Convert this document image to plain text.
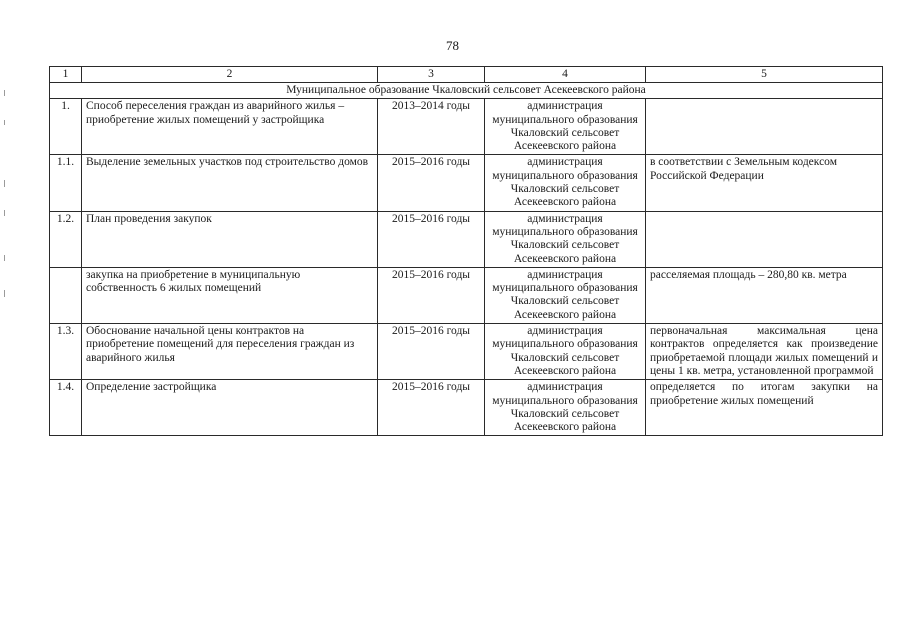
78
1	2	3	4	5
Муниципальное образование Чкаловский сельсовет Асекеевского района				
1.	Способ переселения граждан из аварийного жилья – приобретение жилых помещений у застройщика	2013–2014 годы	администрация муниципального образования Чкаловский сельсовет Асекеевского района	
1.1.	Выделение земельных участков под строительство домов	2015–2016 годы	администрация муниципального образования Чкаловский сельсовет Асекеевского района	в соответствии с Земельным кодексом Российской Федерации
1.2.	План проведения закупок	2015–2016 годы	администрация муниципального образования Чкаловский сельсовет Асекеевского района	
	закупка на приобретение в муниципальную собственность 6 жилых помещений	2015–2016 годы	администрация муниципального образования Чкаловский сельсовет Асекеевского района	расселяемая площадь – 280,80 кв. метра
1.3.	Обоснование начальной цены контрактов на приобретение помещений для переселения граждан из аварийного жилья	2015–2016 годы	администрация муниципального образования Чкаловский сельсовет Асекеевского района	первоначальная максимальная цена контрактов определяется как произведение приобретаемой площади жилых помещений и цены 1 кв. метра, установленной программой
1.4.	Определение застройщика	2015–2016 годы	администрация муниципального образования Чкаловский сельсовет Асекеевского района	определяется по итогам закупки на приобретение жилых помещений
